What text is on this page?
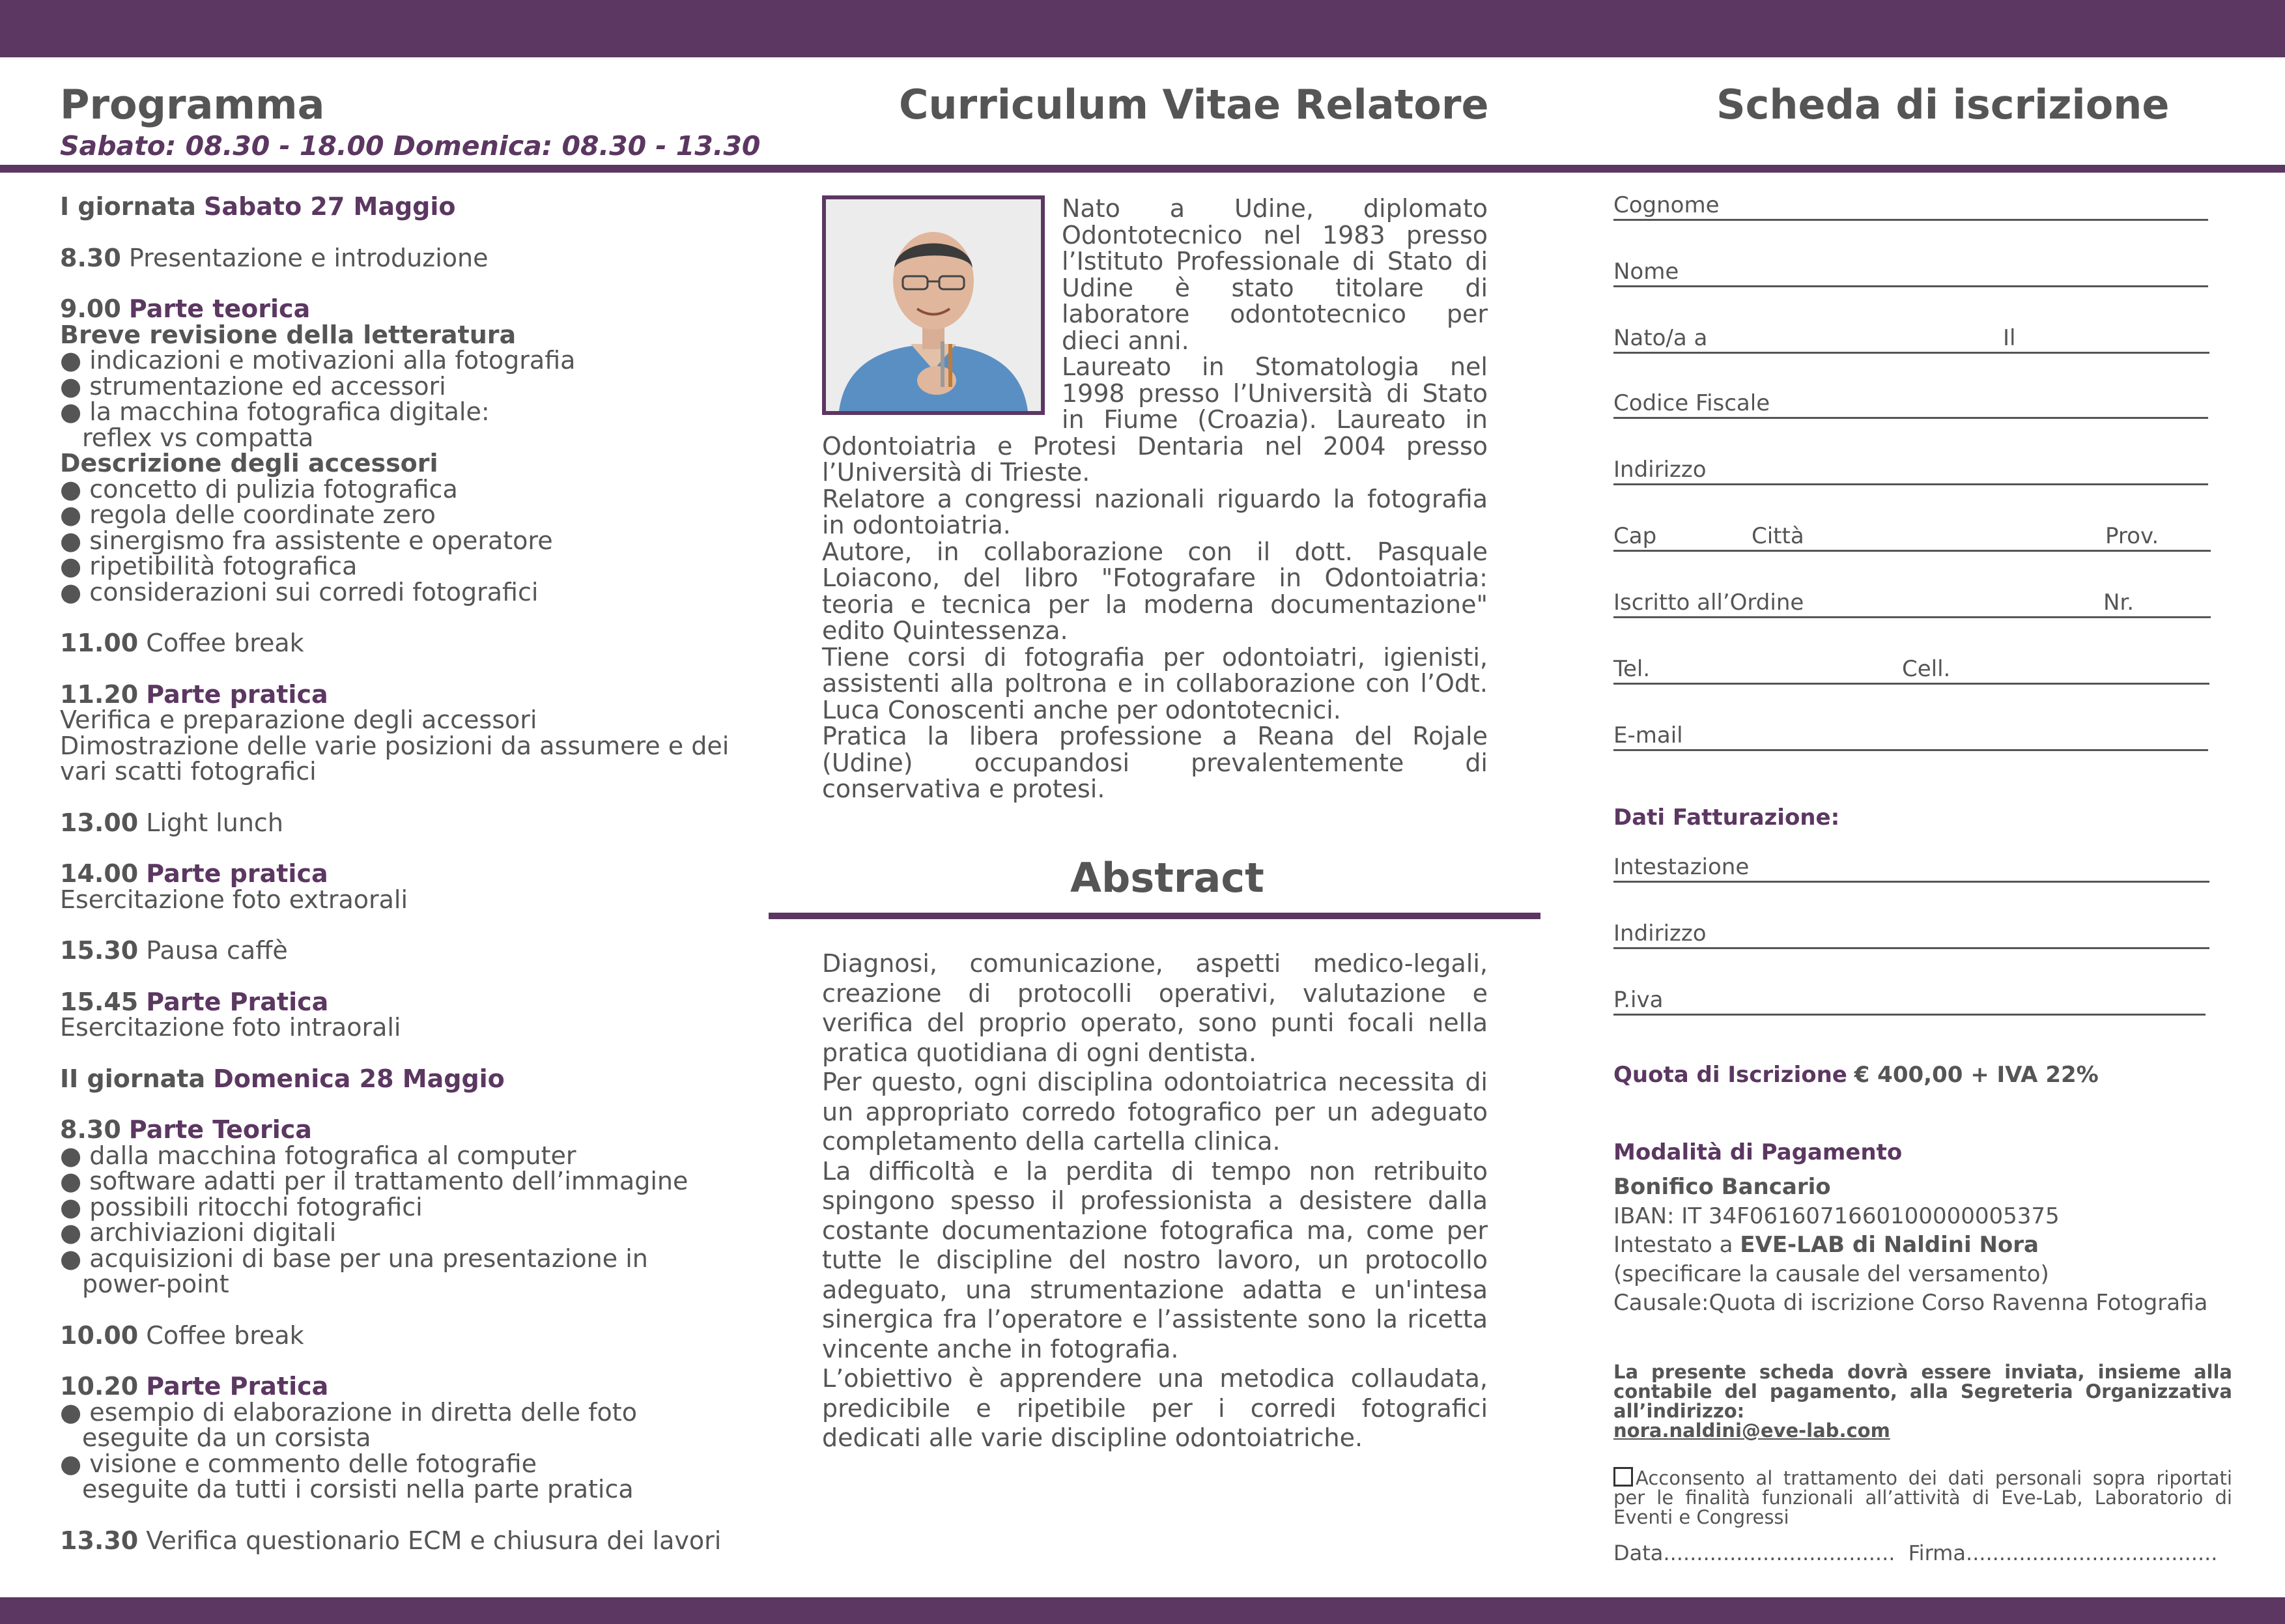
Programma
Sabato: 08.30 - 18.00 Domenica: 08.30 - 13.30
Curriculum Vitae Relatore	Scheda di iscrizione
I giornata Sabato 27 Maggio
8.30 Presentazione e introduzione
9.00 Parte teorica
Breve revisione della letteratura
● indicazioni e motivazioni alla fotografia
● strumentazione ed accessori
● la macchina fotografica digitale:
reflex vs compatta
Descrizione degli accessori
● concetto di pulizia fotografica
● regola delle coordinate zero
● sinergismo fra assistente e operatore
● ripetibilità fotografica
● considerazioni sui corredi fotografici
11.00 Coffee break
11.20 Parte pratica
Verifica e preparazione degli accessori
Dimostrazione delle varie posizioni da assumere e dei vari scatti fotografici
13.00 Light lunch
14.00 Parte pratica
Esercitazione foto extraorali
15.30 Pausa caffè
15.45 Parte Pratica
Esercitazione foto intraorali
II giornata Domenica 28 Maggio
8.30 Parte Teorica
● dalla macchina fotografica al computer
● software adatti per il trattamento dell’immagine
● possibili ritocchi fotografici
● archiviazioni digitali
● acquisizioni di base per una presentazione in
power-point
10.00 Coffee break
10.20 Parte Pratica
● esempio di elaborazione in diretta delle foto
eseguite da un corsista
● visione e commento delle fotografie
eseguite da tutti i corsisti nella parte pratica
13.30 Verifica questionario ECM e chiusura dei lavori
Nato a Udine, diplomato Odontotecnico nel 1983 presso l’Istituto Professionale di Stato di Udine è stato titolare di laboratore odontotecnico per dieci anni.
Laureato in Stomatologia nel 1998 presso l’Università di Stato in Fiume (Croazia). Laureato in Odontoiatria e Protesi Dentaria nel 2004 presso l’Università di Trieste.
Relatore a congressi nazionali riguardo la fotografia in odontoiatria.
Autore, in collaborazione con il dott. Pasquale Loiacono, del libro "Fotografare in Odontoiatria: teoria e tecnica per la moderna documentazione" edito Quintessenza.
Tiene corsi di fotografia per odontoiatri, igienisti, assistenti alla poltrona e in collaborazione con l’Odt. Luca Conoscenti anche per odontotecnici.
Pratica la libera professione a Reana del Rojale (Udine) occupandosi prevalentemente di conservativa e protesi.
Abstract
Diagnosi, comunicazione, aspetti medico-legali, creazione di protocolli operativi, valutazione e verifica del proprio operato, sono punti focali nella pratica quotidiana di ogni dentista.
Per questo, ogni disciplina odontoiatrica necessita di un appropriato corredo fotografico per un adeguato completamento della cartella clinica.
La difficoltà e la perdita di tempo non retribuito spingono spesso il professionista a desistere dalla costante documentazione fotografica ma, come per tutte le discipline del nostro lavoro, un protocollo adeguato, una strumentazione adatta e un'intesa sinergica fra l’operatore e l’assistente sono la ricetta vincente anche in fotografia.
L’obiettivo è apprendere una metodica collaudata, predicibile e ripetibile per i corredi fotografici dedicati alle varie discipline odontoiatriche.
Cognome
Nome
Nato/a a	Il
Codice Fiscale
Indirizzo
Cap	Città	Prov.
Iscritto all’Ordine	Nr.
Tel.	Cell.
E-mail
Dati Fatturazione:
Intestazione
Indirizzo
P.iva
Quota di Iscrizione € 400,00 + IVA 22%
Modalità di Pagamento
Bonifico Bancario
IBAN: IT 34F0616071660100000005375
Intestato a EVE-LAB di Naldini Nora
(specificare la causale del versamento)
Causale:Quota di iscrizione Corso Ravenna Fotografia
La presente scheda dovrà essere inviata, insieme alla contabile del pagamento, alla Segreteria Organizzativa all’indirizzo:
nora.naldini@eve-lab.com
Acconsento al trattamento dei dati personali sopra riportati per le finalità funzionali all’attività di Eve-Lab, Laboratorio di Eventi e Congressi
Data................................... Firma......................................
